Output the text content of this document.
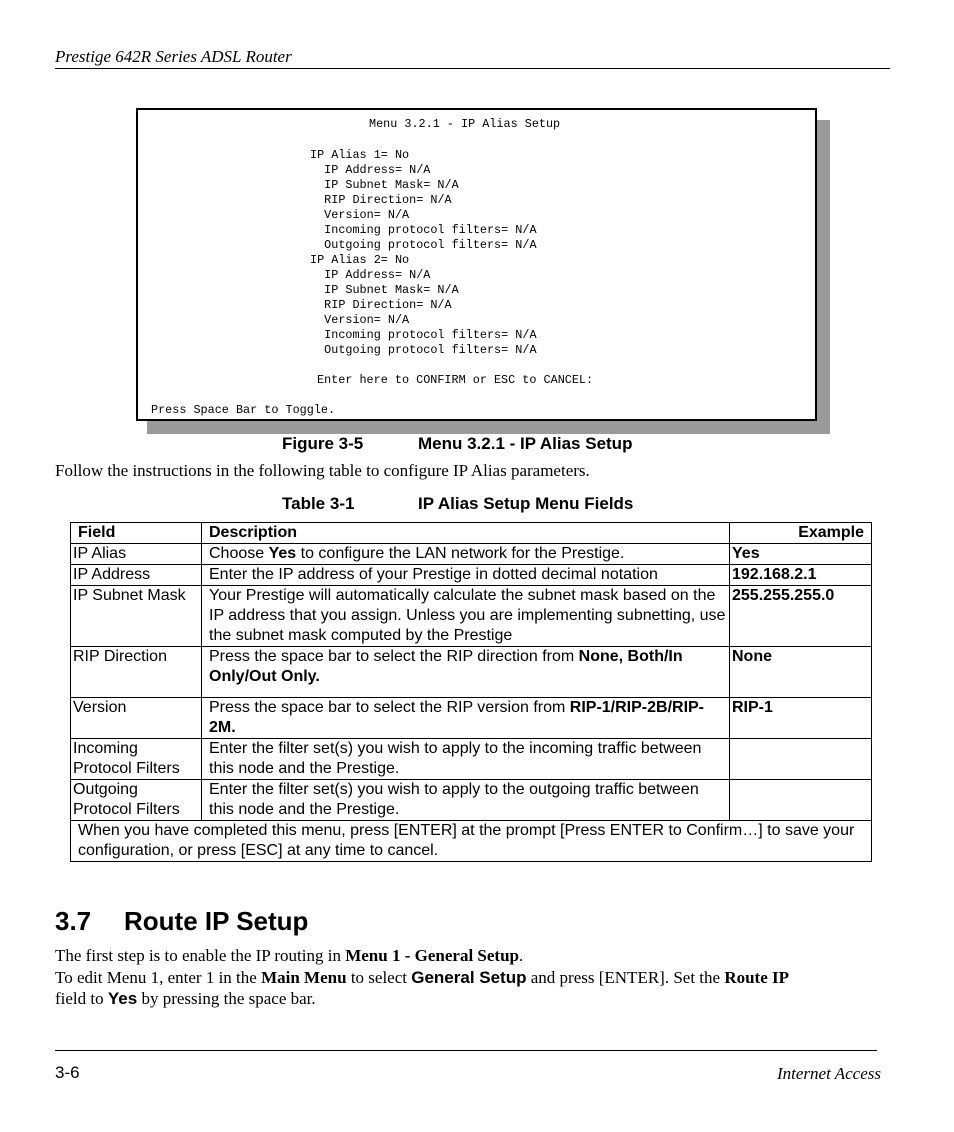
Prestige 642R Series ADSL Router
Menu 3.2.1 - IP Alias Setup
IP Alias 1= No
IP Address= N/A
IP Subnet Mask= N/A
RIP Direction= N/A
Version= N/A
Incoming protocol filters= N/A
Outgoing protocol filters= N/A
IP Alias 2= No
IP Address= N/A
IP Subnet Mask= N/A
RIP Direction= N/A
Version= N/A
Incoming protocol filters= N/A
Outgoing protocol filters= N/A
Enter here to CONFIRM or ESC to CANCEL:
Press Space Bar to Toggle.
Figure 3-5	Menu 3.2.1 - IP Alias Setup
Follow the instructions in the following table to configure IP Alias parameters.
Table 3-1	IP Alias Setup Menu Fields
Field	Description	Example
IP Alias	Choose Yes to configure the LAN network for the Prestige.	Yes
IP Address	Enter the IP address of your Prestige in dotted decimal notation	192.168.2.1
IP Subnet Mask	Your Prestige will automatically calculate the subnet mask based on the IP address that you assign. Unless you are implementing subnetting, use the subnet mask computed by the Prestige	255.255.255.0
RIP Direction	Press the space bar to select the RIP direction from None, Both/In Only/Out Only.	None
Version	Press the space bar to select the RIP version from RIP-1/RIP-2B/RIP-2M.	RIP-1
Incoming Protocol Filters	Enter the filter set(s) you wish to apply to the incoming traffic between this node and the Prestige.	
Outgoing Protocol Filters	Enter the filter set(s) you wish to apply to the outgoing traffic between this node and the Prestige.	
When you have completed this menu, press [ENTER] at the prompt [Press ENTER to Confirm…] to save your configuration, or press [ESC] at any time to cancel.		
3.7 Route IP Setup
The first step is to enable the IP routing in Menu 1 - General Setup.
To edit Menu 1, enter 1 in the Main Menu to select General Setup and press [ENTER]. Set the Route IP
field to Yes by pressing the space bar.
3-6	Internet Access
